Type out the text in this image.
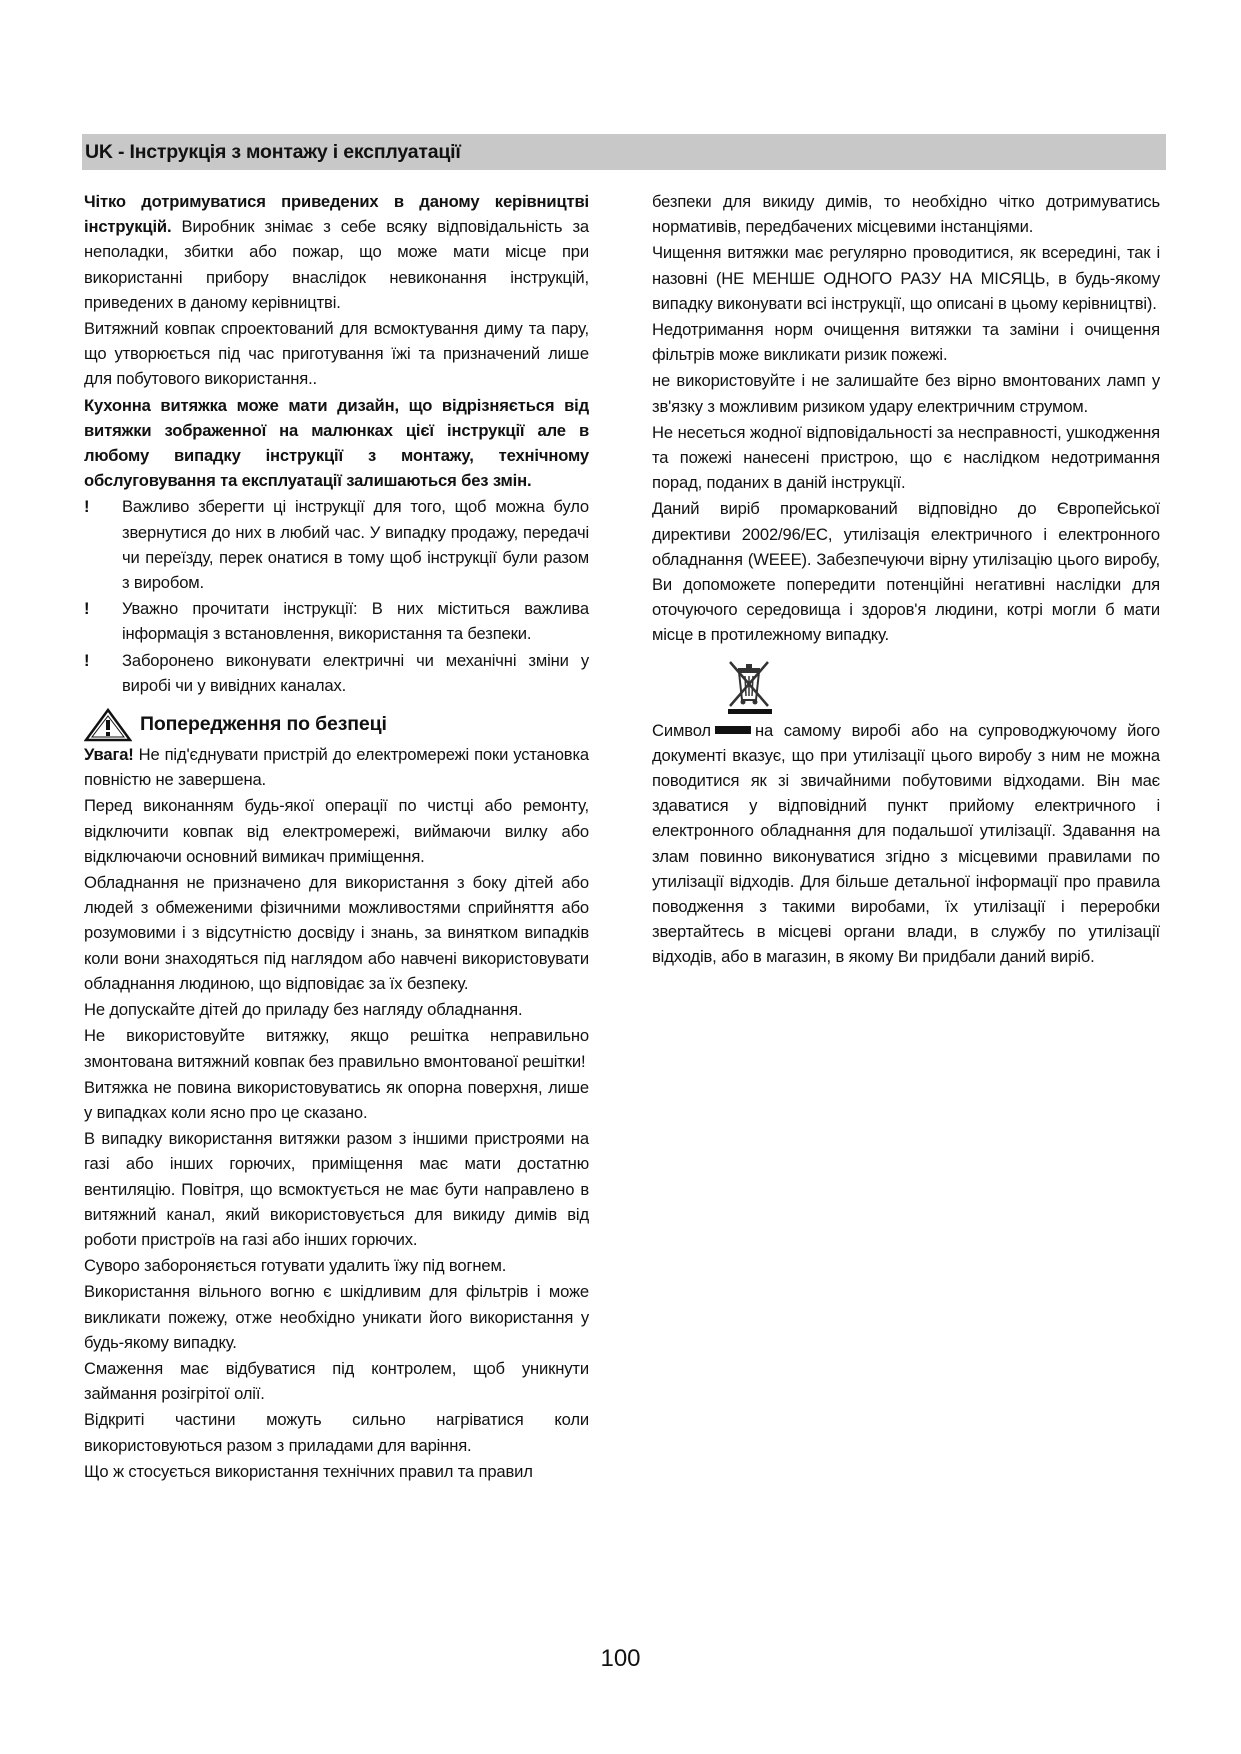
UK - Інструкція з монтажу і експлуатації

Чітко дотримуватися приведених в даному керівництві інструкцій. Виробник знімає з себе всяку відповідальність за неполадки, збитки або пожар, що може мати місце при використанні прибору внаслідок невиконання інструкцій, приведених в даному керівництві.

Витяжний ковпак спроектований для всмоктування диму та пару, що утворюється під час приготування їжі та призначений лише для побутового використання..

Кухонна витяжка може мати дизайн, що відрізняється від витяжки зображенної на малюнках цієї інструкції але в любому випадку інструкції з монтажу, технічному обслуговування та експлуатації залишаються без змін.

!	Важливо зберегти ці інструкції для того, щоб можна було звернутися до них в любий час. У випадку продажу, передачі чи переїзду, перек онатися в тому щоб інструкції були разом з виробом.
!	Уважно прочитати інструкції: В них міститься важлива інформація з встановлення, використання та безпеки.
!	Заборонено виконувати електричні чи механічні зміни у виробі чи у вивідних каналах.
Попередження по безпеці

Увага! Не під'єднувати пристрій до електромережі поки установка повністю не завершена.

Перед виконанням будь-якої операції по чистці або ремонту, відключити ковпак від електромережі, виймаючи вилку або відключаючи основний вимикач приміщення.

Обладнання не призначено для використання з боку дітей або людей з обмеженими фізичними можливостями сприйняття або розумовими і з відсутністю досвіду і знань, за винятком випадків коли вони знаходяться під наглядом або навчені використовувати обладнання людиною, що відповідає за їх безпеку.

Не допускайте дітей до приладу без нагляду обладнання.

Не використовуйте витяжку, якщо решітка неправильно змонтована витяжний ковпак без правильно вмонтованої решітки!

Витяжка не повина використовуватись як опорна поверхня, лише у випадках коли ясно про це сказано.

В випадку використання витяжки разом з іншими пристроями на газі або інших горючих, приміщення має мати достатню вентиляцію. Повітря, що всмоктується не має бути направлено в витяжний канал, який використовується для викиду димів від роботи пристроїв на газі або інших горючих.

Суворо забороняється готувати удалить їжу під вогнем.

Використання вільного вогню є шкідливим для фільтрів і може викликати пожежу, отже необхідно уникати його використання у будь-якому випадку.

Смаження має відбуватися під контролем, щоб уникнути займання розігрітої олії.

Відкриті частини можуть сильно нагріватися коли використовуються разом з приладами для варіння.

Що ж стосується використання технічних правил та правил

безпеки для викиду димів, то необхідно чітко дотримуватись нормативів, передбачених місцевими інстанціями.

Чищення витяжки має регулярно проводитися, як всередині, так і назовні (НЕ МЕНШЕ ОДНОГО РАЗУ НА МІСЯЦЬ, в будь-якому випадку виконувати всі інструкції, що описані в цьому керівництві).

Недотримання норм очищення витяжки та заміни і очищення фільтрів може викликати ризик пожежі.

не використовуйте і не залишайте без вірно вмонтованих ламп у зв'язку з можливим ризиком удару електричним струмом.

Не несеться жодної відповідальності за несправності, ушкодження та пожежі нанесені пристрою, що є наслідком недотримання порад, поданих в даній інструкції.

Даний виріб промаркований відповідно до Європейської директиви 2002/96/ЕС, утилізація електричного і електронного обладнання (WEEE). Забезпечуючи вірну утилізацію цього виробу, Ви допоможете попередити потенційні негативні наслідки для оточуючого середовища і здоров'я людини, котрі могли б мати місце в протилежному випадку.

Символ	на самому виробі або на супроводжуючому його документі вказує, що при утилізації цього виробу з ним не можна поводитися як зі звичайними побутовими відходами. Він має здаватися у відповідний пункт прийому електричного і електронного обладнання для подальшої утилізації. Здавання на злам повинно виконуватися згідно з місцевими правилами по утилізації відходів. Для більше детальної інформації про правила поводження з такими виробами, їх утилізації і переробки звертайтесь в місцеві органи влади, в службу по утилізації відходів, або в магазин, в якому Ви придбали даний виріб.

100
